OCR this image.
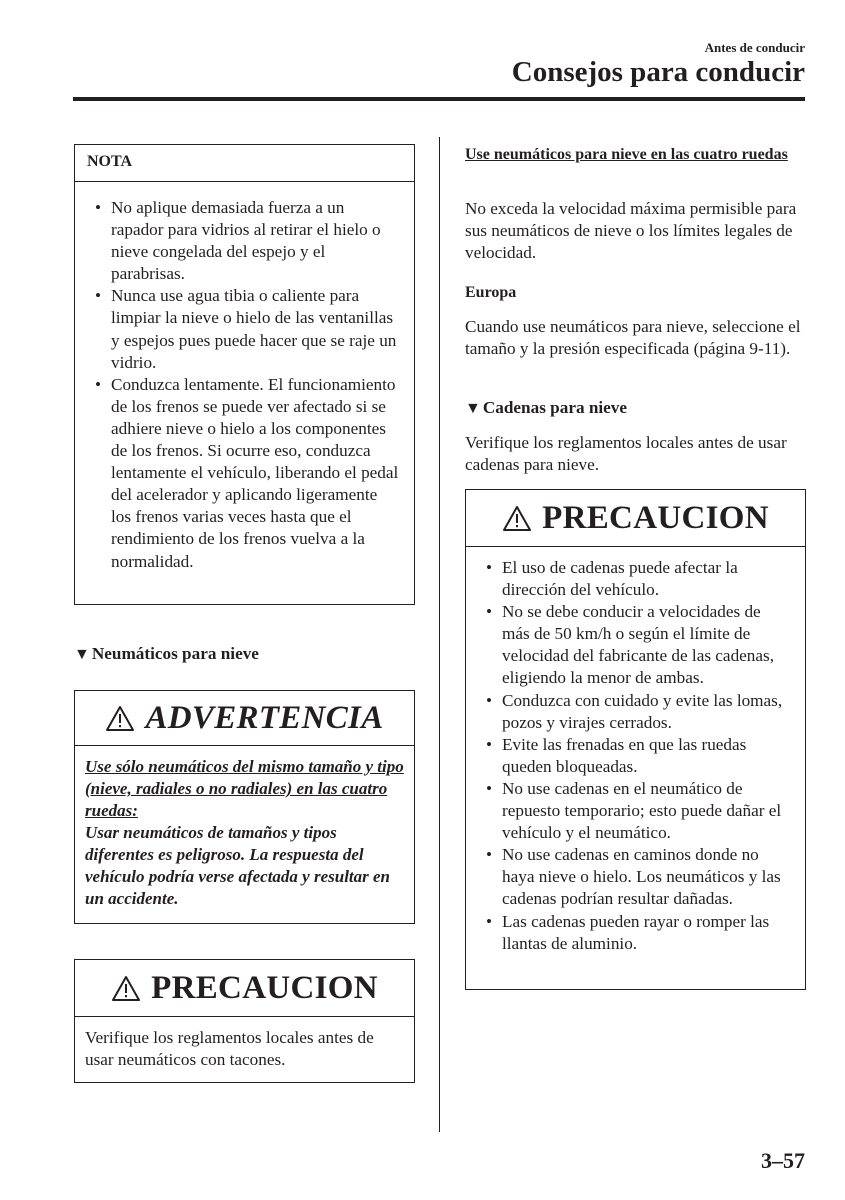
Antes de conducir
Consejos para conducir
NOTA
• No aplique demasiada fuerza a un rapador para vidrios al retirar el hielo o nieve congelada del espejo y el parabrisas.
• Nunca use agua tibia o caliente para limpiar la nieve o hielo de las ventanillas y espejos pues puede hacer que se raje un vidrio.
• Conduzca lentamente. El funcionamiento de los frenos se puede ver afectado si se adhiere nieve o hielo a los componentes de los frenos. Si ocurre eso, conduzca lentamente el vehículo, liberando el pedal del acelerador y aplicando ligeramente los frenos varias veces hasta que el rendimiento de los frenos vuelva a la normalidad.
▼ Neumáticos para nieve
ADVERTENCIA
Use sólo neumáticos del mismo tamaño y tipo (nieve, radiales o no radiales) en las cuatro ruedas:
Usar neumáticos de tamaños y tipos diferentes es peligroso. La respuesta del vehículo podría verse afectada y resultar en un accidente.
PRECAUCION
Verifique los reglamentos locales antes de usar neumáticos con tacones.
Use neumáticos para nieve en las cuatro ruedas
No exceda la velocidad máxima permisible para sus neumáticos de nieve o los límites legales de velocidad.
Europa
Cuando use neumáticos para nieve, seleccione el tamaño y la presión especificada (página 9-11).
▼ Cadenas para nieve
Verifique los reglamentos locales antes de usar cadenas para nieve.
PRECAUCION
• El uso de cadenas puede afectar la dirección del vehículo.
• No se debe conducir a velocidades de más de 50 km/h o según el límite de velocidad del fabricante de las cadenas, eligiendo la menor de ambas.
• Conduzca con cuidado y evite las lomas, pozos y virajes cerrados.
• Evite las frenadas en que las ruedas queden bloqueadas.
• No use cadenas en el neumático de repuesto temporario; esto puede dañar el vehículo y el neumático.
• No use cadenas en caminos donde no haya nieve o hielo. Los neumáticos y las cadenas podrían resultar dañadas.
• Las cadenas pueden rayar o romper las llantas de aluminio.
3–57
